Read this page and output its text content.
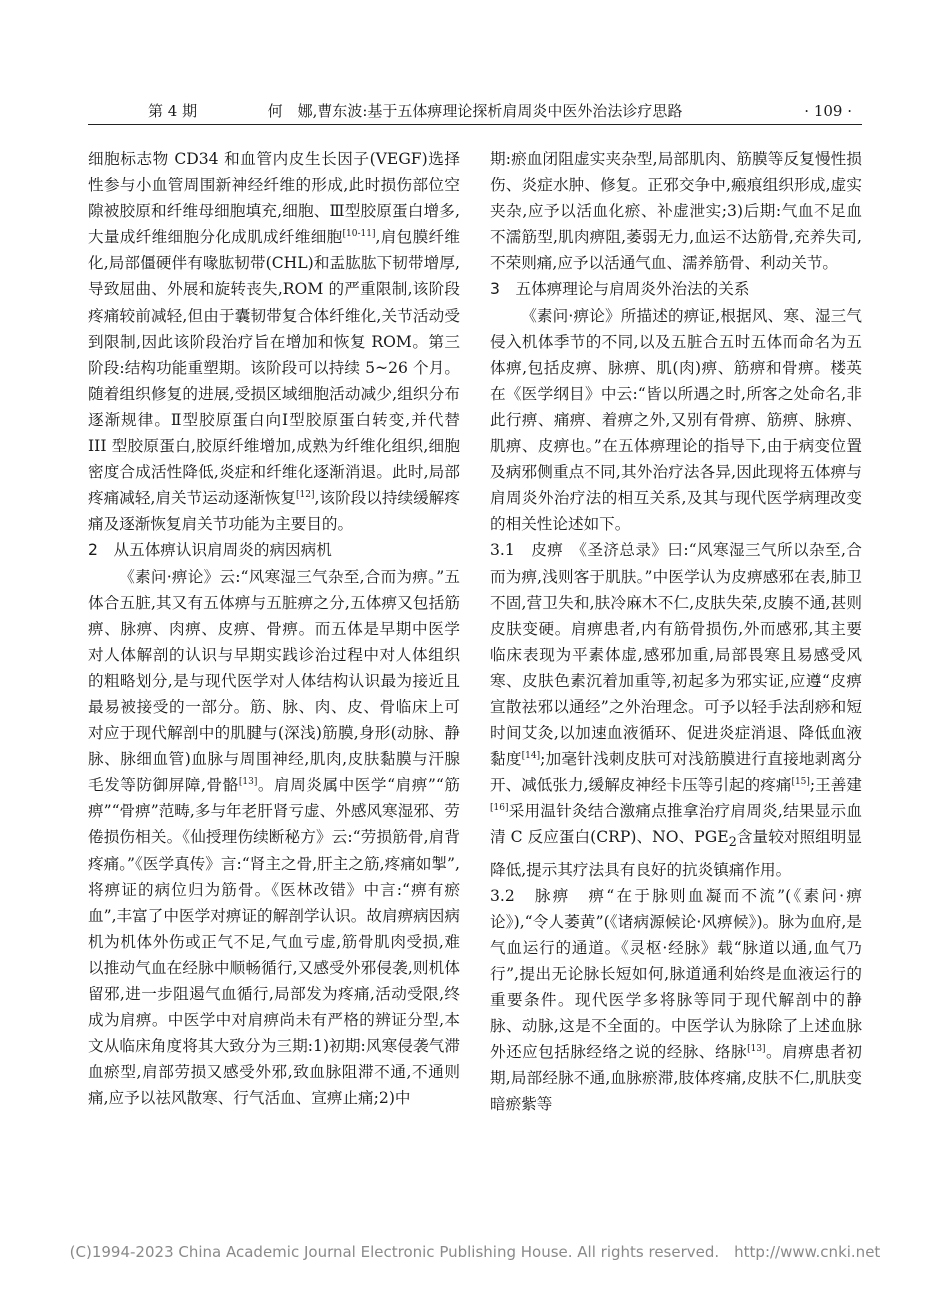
第 4 期	何　娜,曹东波:基于五体痹理论探析肩周炎中医外治法诊疗思路	· 109 ·

细胞标志物 CD34 和血管内皮生长因子(VEGF)选择性参与小血管周围新神经纤维的形成,此时损伤部位空隙被胶原和纤维母细胞填充,细胞、Ⅲ型胶原蛋白增多,大量成纤维细胞分化成肌成纤维细胞[10-11],肩包膜纤维化,局部僵硬伴有喙肱韧带(CHL)和盂肱肱下韧带增厚,导致屈曲、外展和旋转丧失,ROM 的严重限制,该阶段疼痛较前减轻,但由于囊韧带复合体纤维化,关节活动受到限制,因此该阶段治疗旨在增加和恢复 ROM。第三阶段:结构功能重塑期。该阶段可以持续 5~26 个月。随着组织修复的进展,受损区域细胞活动减少,组织分布逐渐规律。Ⅱ型胶原蛋白向Ⅰ型胶原蛋白转变,并代替 III 型胶原蛋白,胶原纤维增加,成熟为纤维化组织,细胞密度合成活性降低,炎症和纤维化逐渐消退。此时,局部疼痛减轻,肩关节运动逐渐恢复[12],该阶段以持续缓解疼痛及逐渐恢复肩关节功能为主要目的。

2　从五体痹认识肩周炎的病因病机

《素问·痹论》云:“风寒湿三气杂至,合而为痹。”五体合五脏,其又有五体痹与五脏痹之分,五体痹又包括筋痹、脉痹、肉痹、皮痹、骨痹。而五体是早期中医学对人体解剖的认识与早期实践诊治过程中对人体组织的粗略划分,是与现代医学对人体结构认识最为接近且最易被接受的一部分。筋、脉、肉、皮、骨临床上可对应于现代解剖中的肌腱与(深浅)筋膜,身形(动脉、静脉、脉细血管)血脉与周围神经,肌肉,皮肤黏膜与汗腺毛发等防御屏障,骨骼[13]。肩周炎属中医学“肩痹”“筋痹”“骨痹”范畴,多与年老肝肾亏虚、外感风寒湿邪、劳倦损伤相关。《仙授理伤续断秘方》云:“劳损筋骨,肩背疼痛。”《医学真传》言:“肾主之骨,肝主之筋,疼痛如掣”,将痹证的病位归为筋骨。《医林改错》中言:“痹有瘀血”,丰富了中医学对痹证的解剖学认识。故肩痹病因病机为机体外伤或正气不足,气血亏虚,筋骨肌肉受损,难以推动气血在经脉中顺畅循行,又感受外邪侵袭,则机体留邪,进一步阻遏气血循行,局部发为疼痛,活动受限,终成为肩痹。中医学中对肩痹尚未有严格的辨证分型,本文从临床角度将其大致分为三期:1)初期:风寒侵袭气滞血瘀型,肩部劳损又感受外邪,致血脉阻滞不通,不通则痛,应予以祛风散寒、行气活血、宣痹止痛;2)中

期:瘀血闭阻虚实夹杂型,局部肌肉、筋膜等反复慢性损伤、炎症水肿、修复。正邪交争中,瘢痕组织形成,虚实夹杂,应予以活血化瘀、补虚泄实;3)后期:气血不足血不濡筋型,肌肉痹阻,萎弱无力,血运不达筋骨,充养失司,不荣则痛,应予以活通气血、濡养筋骨、利动关节。

3　五体痹理论与肩周炎外治法的关系

《素问·痹论》所描述的痹证,根据风、寒、湿三气侵入机体季节的不同,以及五脏合五时五体而命名为五体痹,包括皮痹、脉痹、肌(肉)痹、筋痹和骨痹。楼英在《医学纲目》中云:“皆以所遇之时,所客之处命名,非此行痹、痛痹、着痹之外,又别有骨痹、筋痹、脉痹、肌痹、皮痹也。”在五体痹理论的指导下,由于病变位置及病邪侧重点不同,其外治疗法各异,因此现将五体痹与肩周炎外治疗法的相互关系,及其与现代医学病理改变的相关性论述如下。

3.1　皮痹　 《圣济总录》曰:“风寒湿三气所以杂至,合而为痹,浅则客于肌肤。”中医学认为皮痹感邪在表,肺卫不固,营卫失和,肤冷麻木不仁,皮肤失荣,皮腠不通,甚则皮肤变硬。肩痹患者,内有筋骨损伤,外而感邪,其主要临床表现为平素体虚,感邪加重,局部畏寒且易感受风寒、皮肤色素沉着加重等,初起多为邪实证,应遵“皮痹宣散祛邪以通经”之外治理念。可予以轻手法刮痧和短时间艾灸,以加速血液循环、促进炎症消退、降低血液黏度[14];加毫针浅刺皮肤可对浅筋膜进行直接地剥离分开、减低张力,缓解皮神经卡压等引起的疼痛[15];王善建[16]采用温针灸结合激痛点推拿治疗肩周炎,结果显示血清 C 反应蛋白(CRP)、NO、$PGE_2$含量较对照组明显降低,提示其疗法具有良好的抗炎镇痛作用。

3.2　脉痹　 痹“在于脉则血凝而不流”(《素问·痹论》),“令人萎黄”(《诸病源候论·风痹候》)。脉为血府,是气血运行的通道。《灵枢·经脉》载“脉道以通,血气乃行”,提出无论脉长短如何,脉道通利始终是血液运行的重要条件。现代医学多将脉等同于现代解剖中的静脉、动脉,这是不全面的。中医学认为脉除了上述血脉外还应包括脉经络之说的经脉、络脉[13]。肩痹患者初期,局部经脉不通,血脉瘀滞,肢体疼痛,皮肤不仁,肌肤变暗瘀紫等

(C)1994-2023 China Academic Journal Electronic Publishing House. All rights reserved.　http://www.cnki.net
